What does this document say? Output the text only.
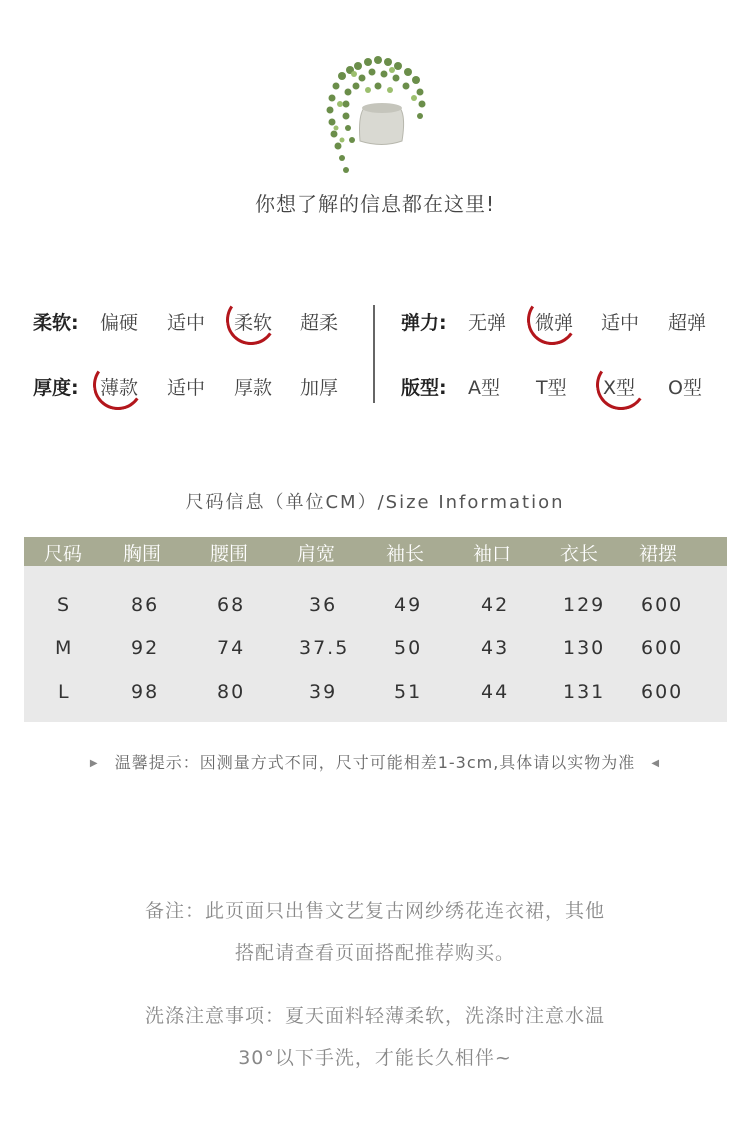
你想了解的信息都在这里!
柔软: 偏硬 适中 柔软 超柔
厚度: 薄款 适中 厚款 加厚
弹力: 无弹 微弹 适中 超弹
版型: A型 T型 X型 O型
尺码信息（单位CM）/Size Information
尺码 胸围	腰围	肩宽	袖长	袖口	衣长 裙摆
S	86	68	36	49	42	129 600
M	92	74	37.5 50	43	130 600
L	98	80	39	51	44	131 600
▶ 温馨提示：因测量方式不同，尺寸可能相差1-3cm,具体请以实物为准 ◀
备注：此页面只出售文艺复古网纱绣花连衣裙，其他
搭配请查看页面搭配推荐购买。
洗涤注意事项：夏天面料轻薄柔软，洗涤时注意水温
30°以下手洗，才能长久相伴~
